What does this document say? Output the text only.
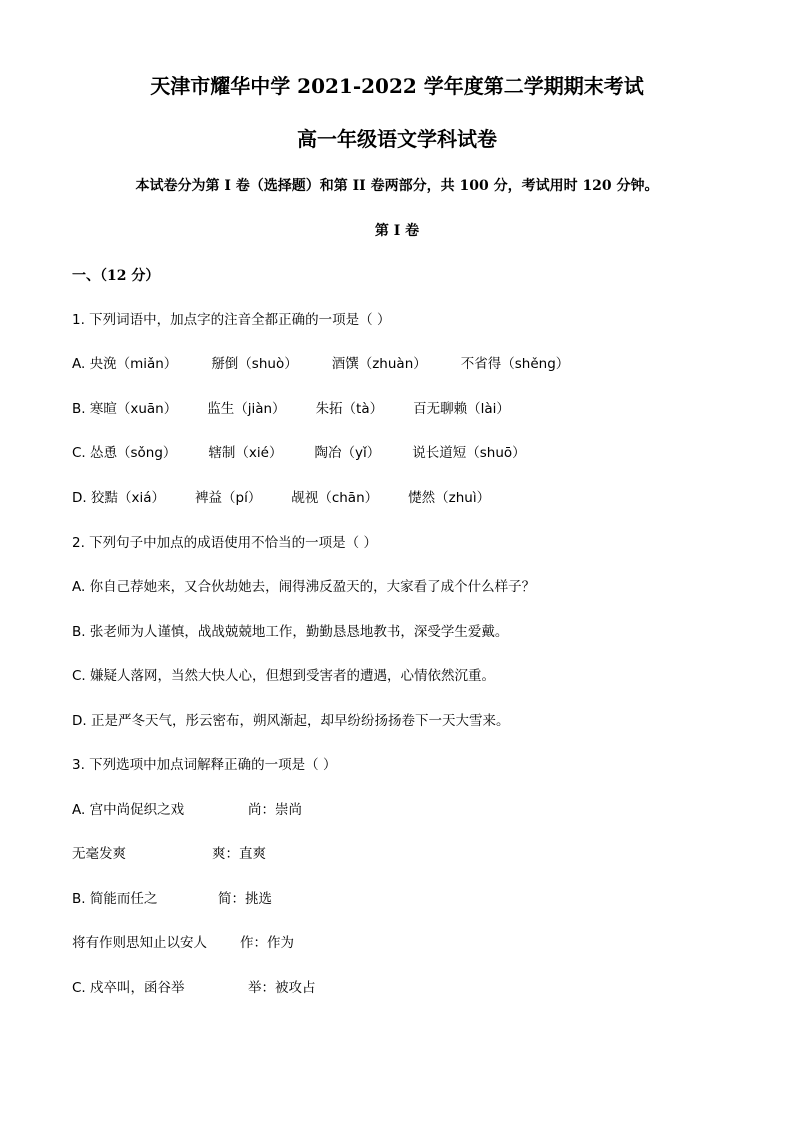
天津市耀华中学 2021-2022 学年度第二学期期末考试
高一年级语文学科试卷
本试卷分为第 I 卷（选择题）和第 II 卷两部分，共 100 分，考试用时 120 分钟。
第 I 卷
一、（12 分）
1. 下列词语中，加点字的注音全都正确的一项是（ ）
A. 央浼（miǎn）	掰倒（shuò）	酒馔（zhuàn）	不省得（shěng）
B. 寒暄（xuān） 监生（jiàn） 朱拓（tà） 百无聊赖（lài）
C. 怂恿（sǒng） 辖制（xié） 陶冶（yǐ） 说长道短（shuō）
D. 狡黠（xiá） 裨益（pí） 觇视（chān） 憷然（zhuì）
2. 下列句子中加点的成语使用不恰当的一项是（ ）
A. 你自己荐她来，又合伙劫她去，闹得沸反盈天的，大家看了成个什么样子？
B. 张老师为人谨慎，战战兢兢地工作，勤勤恳恳地教书，深受学生爱戴。
C. 嫌疑人落网，当然大快人心，但想到受害者的遭遇，心情依然沉重。
D. 正是严冬天气，彤云密布，朔风渐起，却早纷纷扬扬卷下一天大雪来。
3. 下列选项中加点词解释正确的一项是（ ）
A. 宫中尚促织之戏	尚：崇尚
无毫发爽	爽：直爽
B. 简能而任之	简：挑选
将有作则思知止以安人 作：作为
C. 戍卒叫，函谷举	举：被攻占
